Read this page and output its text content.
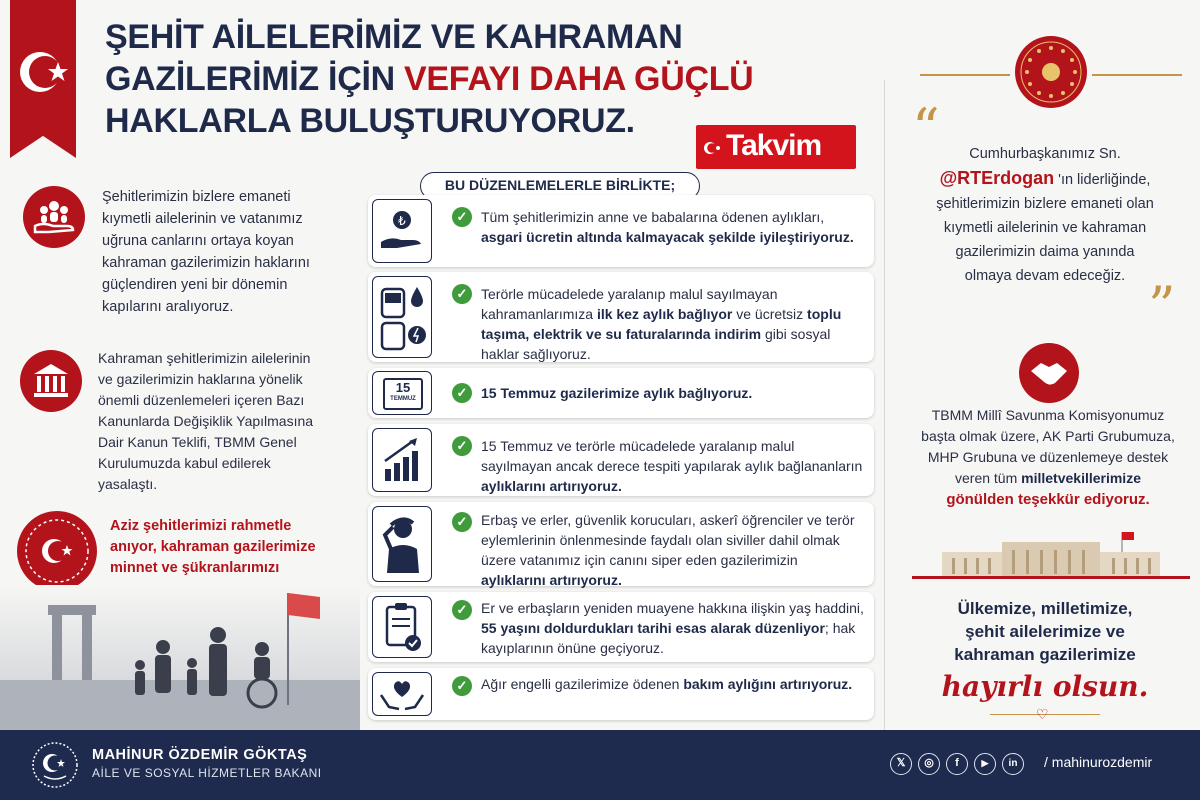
ŞEHİT AİLELERİMİZ VE KAHRAMAN
GAZİLERİMİZ İÇİN VEFAYI DAHA GÜÇLÜ
HAKLARLA BULUŞTURUYORUZ.
Takvim
Şehitlerimizin bizlere emaneti
kıymetli ailelerinin ve vatanımız
uğruna canlarını ortaya koyan
kahraman gazilerimizin haklarını
güçlendiren yeni bir dönemin
kapılarını aralıyoruz.
Kahraman şehitlerimizin ailelerinin
ve gazilerimizin haklarına yönelik
önemli düzenlemeleri içeren Bazı
Kanunlarda Değişiklik Yapılmasına
Dair Kanun Teklifi, TBMM Genel
Kurulumuzda kabul edilerek
yasalaştı.
Aziz şehitlerimizi rahmetle
anıyor, kahraman gazilerimize
minnet ve şükranlarımızı
BU DÜZENLEMELERLE BİRLİKTE;
₺	✓ Tüm şehitlerimizin anne ve babalarına ödenen aylıkları, asgari ücretin altında kalmayacak şekilde iyileştiriyoruz.
✓ Terörle mücadelede yaralanıp malul sayılmayan kahramanlarımıza ilk kez aylık bağlıyor ve ücretsiz toplu taşıma, elektrik ve su faturalarında indirim gibi sosyal haklar sağlıyoruz.
15
TEMMUZ	✓ 15 Temmuz gazilerimize aylık bağlıyoruz.
✓ 15 Temmuz ve terörle mücadelede yaralanıp malul sayılmayan ancak derece tespiti yapılarak aylık bağlananların aylıklarını artırıyoruz.
✓ Erbaş ve erler, güvenlik korucuları, askerî öğrenciler ve terör eylemlerinin önlenmesinde faydalı olan siviller dahil olmak üzere vatanımız için canını siper eden gazilerimizin aylıklarını artırıyoruz.
✓ Er ve erbaşların yeniden muayene hakkına ilişkin yaş haddini, 55 yaşını doldurdukları tarihi esas alarak düzenliyor; hak kayıplarının önüne geçiyoruz.
✓ Ağır engelli gazilerimize ödenen bakım aylığını artırıyoruz.
“	Cumhurbaşkanımız Sn.
@RTErdogan 'ın liderliğinde,
şehitlerimizin bizlere emaneti olan
kıymetli ailelerinin ve kahraman
gazilerimizin daima yanında
olmaya devam edeceğiz. ”
TBMM Millî Savunma Komisyonumuz
başta olmak üzere, AK Parti Grubumuza,
MHP Grubuna ve düzenlemeye destek
veren tüm milletvekillerimize
gönülden teşekkür ediyoruz.
Ülkemize, milletimize,
şehit ailelerimize ve
kahraman gazilerimize
hayırlı olsun.
♡
MAHİNUR ÖZDEMİR GÖKTAŞ
AİLE VE SOSYAL HİZMETLER BAKANI
𝕏	◎	f	▶	in	/ mahinurozdemir
